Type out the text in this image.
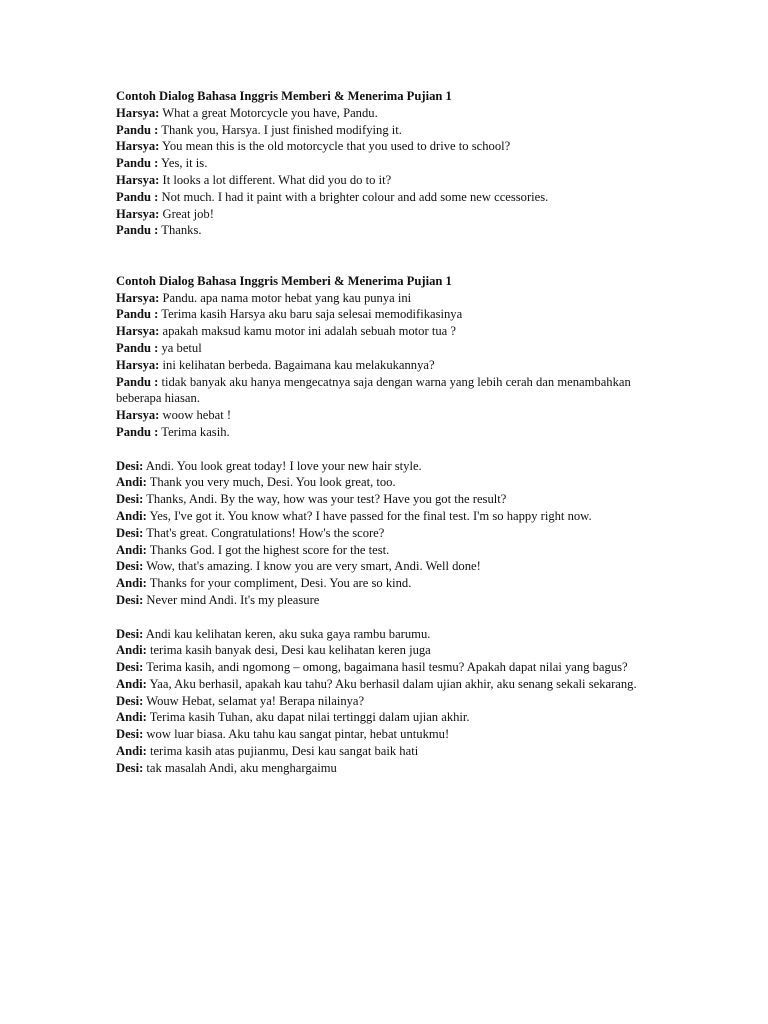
Contoh Dialog Bahasa Inggris Memberi & Menerima Pujian 1

Harsya: What a great Motorcycle you have, Pandu.

Pandu : Thank you, Harsya. I just finished modifying it.

Harsya: You mean this is the old motorcycle that you used to drive to school?

Pandu : Yes, it is.

Harsya: It looks a lot different. What did you do to it?

Pandu : Not much. I had it paint with a brighter colour and add some new ccessories.

Harsya: Great job!

Pandu : Thanks.

Contoh Dialog Bahasa Inggris Memberi & Menerima Pujian 1

Harsya: Pandu. apa nama motor hebat yang kau punya ini

Pandu : Terima kasih Harsya aku baru saja selesai memodifikasinya

Harsya: apakah maksud kamu motor ini adalah sebuah motor tua ?

Pandu : ya betul

Harsya: ini kelihatan berbeda. Bagaimana kau melakukannya?

Pandu : tidak banyak aku hanya mengecatnya saja dengan warna yang lebih cerah dan menambahkan beberapa hiasan.

Harsya: woow hebat !

Pandu : Terima kasih.

Desi: Andi. You look great today! I love your new hair style.

Andi: Thank you very much, Desi. You look great, too.

Desi: Thanks, Andi. By the way, how was your test? Have you got the result?

Andi: Yes, I've got it. You know what? I have passed for the final test. I'm so happy right now.

Desi: That's great. Congratulations! How's the score?

Andi: Thanks God. I got the highest score for the test.

Desi: Wow, that's amazing. I know you are very smart, Andi. Well done!

Andi: Thanks for your compliment, Desi. You are so kind.

Desi: Never mind Andi. It's my pleasure

Desi: Andi kau kelihatan keren, aku suka gaya rambu barumu.

Andi: terima kasih banyak desi, Desi kau kelihatan keren juga

Desi: Terima kasih, andi ngomong – omong, bagaimana hasil tesmu? Apakah dapat nilai yang bagus?

Andi: Yaa, Aku berhasil, apakah kau tahu? Aku berhasil dalam ujian akhir, aku senang sekali sekarang.

Desi: Wouw Hebat, selamat ya! Berapa nilainya?

Andi: Terima kasih Tuhan, aku dapat nilai tertinggi dalam ujian akhir.

Desi: wow luar biasa. Aku tahu kau sangat pintar, hebat untukmu!

Andi: terima kasih atas pujianmu, Desi kau sangat baik hati

Desi: tak masalah Andi, aku menghargaimu
